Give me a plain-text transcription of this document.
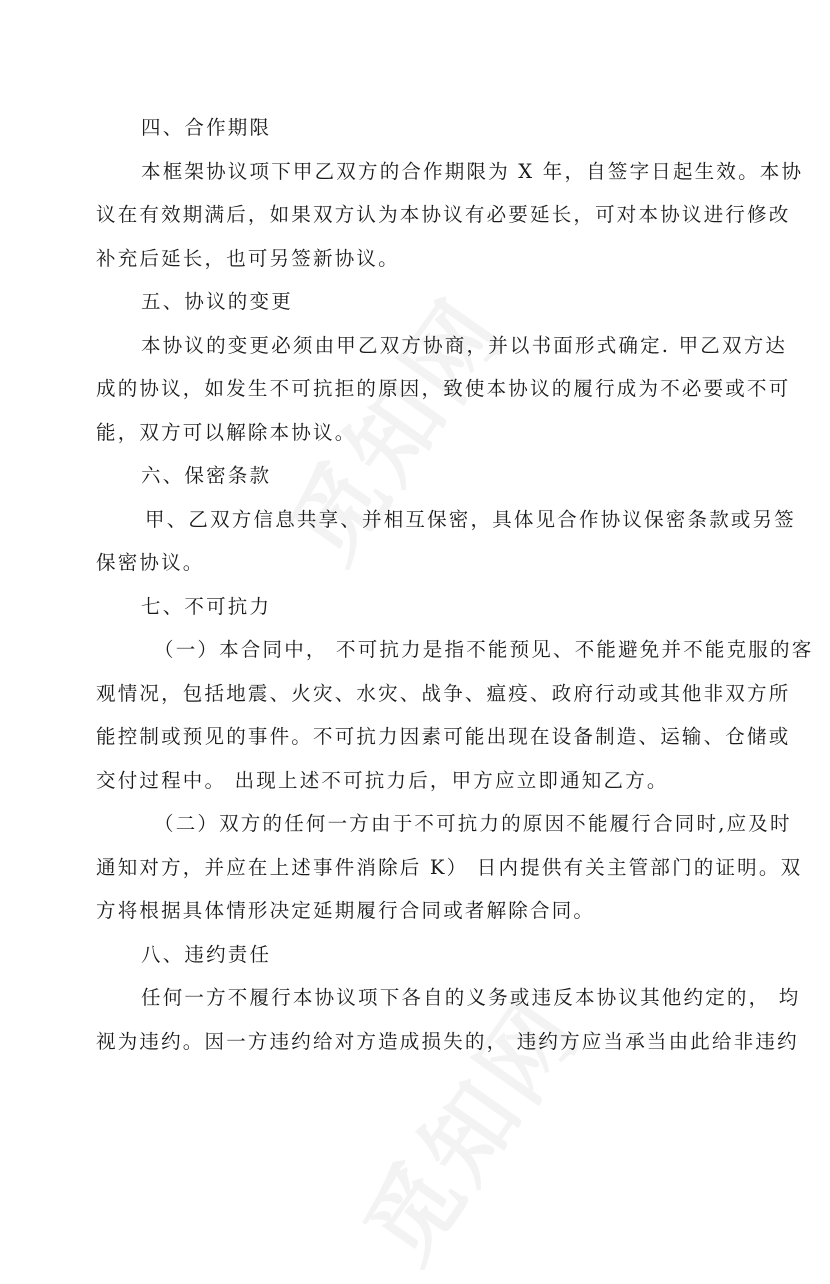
四、合作期限
本框架协议项下甲乙双方的合作期限为 X 年，自签字日起生效。本协
议在有效期满后，如果双方认为本协议有必要延长，可对本协议进行修改
补充后延长，也可另签新协议。
五、协议的变更
本协议的变更必须由甲乙双方协商，并以书面形式确定. 甲乙双方达
成的协议，如发生不可抗拒的原因，致使本协议的履行成为不必要或不可
能，双方可以解除本协议。
六、保密条款
甲、乙双方信息共享、并相互保密，具体见合作协议保密条款或另签
保密协议。
七、不可抗力
（一）本合同中， 不可抗力是指不能预见、不能避免并不能克服的客
观情况，包括地震、火灾、水灾、战争、瘟疫、政府行动或其他非双方所
能控制或预见的事件。不可抗力因素可能出现在设备制造、运输、仓储或
交付过程中。 出现上述不可抗力后，甲方应立即通知乙方。
（二）双方的任何一方由于不可抗力的原因不能履行合同时,应及时
通知对方，并应在上述事件消除后 K） 日内提供有关主管部门的证明。双
方将根据具体情形决定延期履行合同或者解除合同。
八、违约责任
任何一方不履行本协议项下各自的义务或违反本协议其他约定的， 均
视为违约。因一方违约给对方造成损失的， 违约方应当承当由此给非违约
